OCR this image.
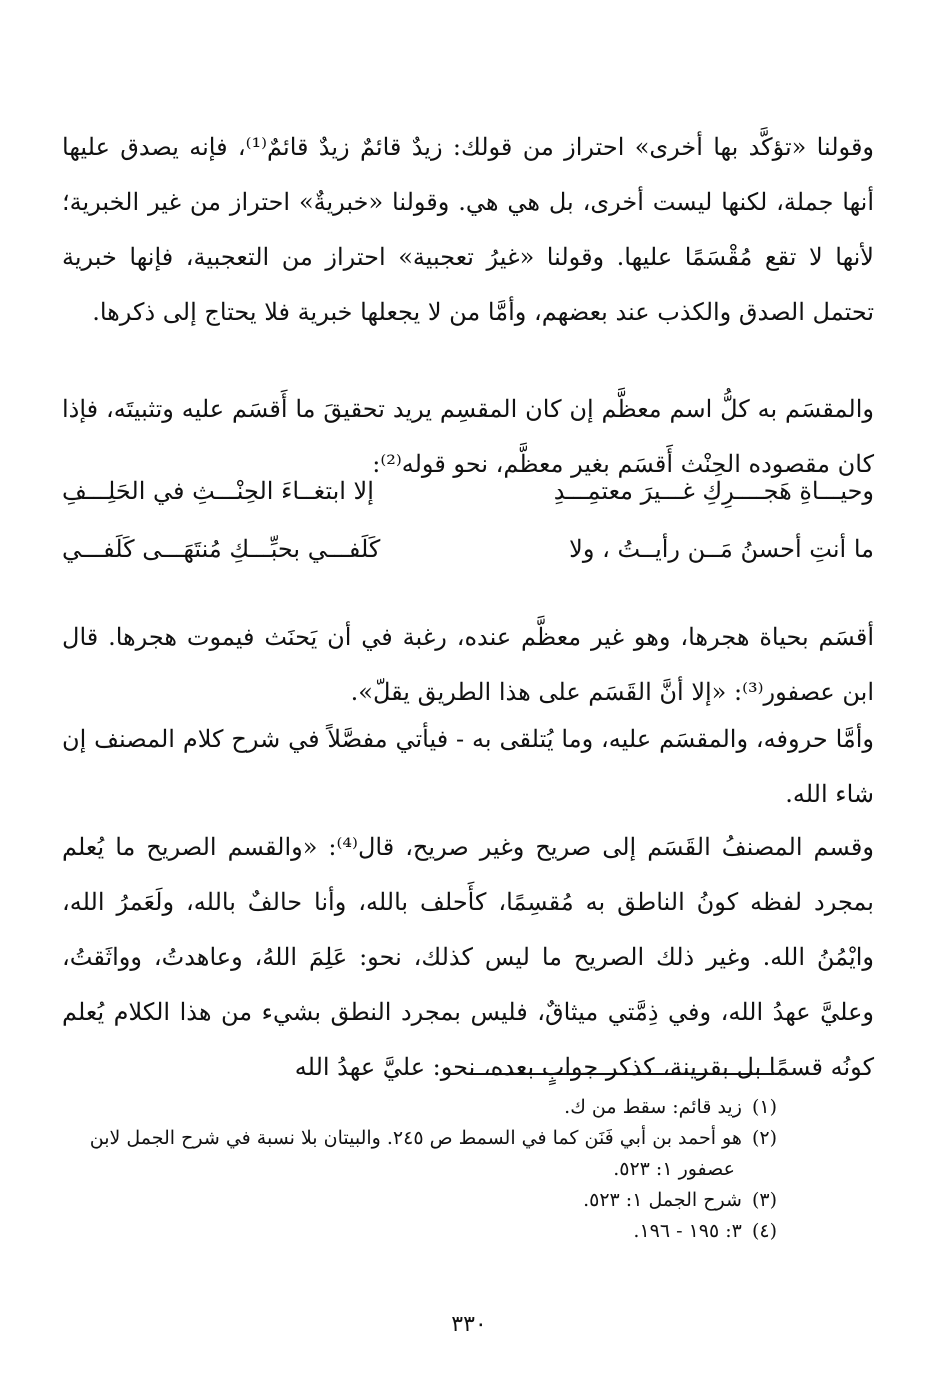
وقولنا «تؤكَّد بها أخرى» احتراز من قولك: زيدٌ قائمٌ زيدٌ قائمٌ⁽¹⁾، فإنه يصدق عليها أنها جملة، لكنها ليست أخرى، بل هي هي. وقولنا «خبريةٌ» احتراز من غير الخبرية؛ لأنها لا تقع مُقْسَمًا عليها. وقولنا «غيرُ تعجبية» احتراز من التعجبية، فإنها خبرية تحتمل الصدق والكذب عند بعضهم، وأمَّا من لا يجعلها خبرية فلا يحتاج إلى ذكرها.

والمقسَم به كلُّ اسم معظَّم إن كان المقسِم يريد تحقيقَ ما أَقسَم عليه وتثبيتَه، فإذا كان مقصوده الحِنْث أَقسَم بغير معظَّم، نحو قوله⁽²⁾:

وحيـــاةِ هَجــــرِكِ غـــيرَ معتمِـــدِ
إلا ابتغــاءَ الحِنْـــثِ في الحَلِـــفِ
ما أنتِ أحسنُ مَــن رأيــتُ ، ولا
كَلَفـــي بحبِّـــكِ مُنتَهَـــى كَلَفـــي

أقسَم بحياة هجرها، وهو غير معظَّم عنده، رغبة في أن يَحنَث فيموت هجرها. قال ابن عصفور⁽³⁾: «إلا أنَّ القَسَم على هذا الطريق يقلّ».

وأمَّا حروفه، والمقسَم عليه، وما يُتلقى به - فيأتي مفصَّلاً في شرح كلام المصنف إن شاء الله.

وقسم المصنفُ القَسَم إلى صريح وغير صريح، قال⁽⁴⁾: «والقسم الصريح ما يُعلم بمجرد لفظه كونُ الناطق به مُقسِمًا، كأَحلف بالله، وأنا حالفٌ بالله، ولَعَمرُ الله، وايْمُنُ الله. وغير ذلك الصريح ما ليس كذلك، نحو: عَلِمَ اللهُ، وعاهدتُ، وواثَقتُ، وعليَّ عهدُ الله، وفي ذِمَّتي ميثاقٌ، فليس بمجرد النطق بشيء من هذا الكلام يُعلم كونُه قسمًا بل بقرينة، كذكر جوابٍ بعده، نحو: عليَّ عهدُ الله

(١) زيد قائم: سقط من ك.
(٢) هو أحمد بن أبي فَنَن كما في السمط ص ٢٤٥. والبيتان بلا نسبة في شرح الجمل لابن
عصفور ١: ٥٢٣.
(٣) شرح الجمل ١: ٥٢٣.
(٤) ٣: ١٩٥ - ١٩٦.
٣٣٠
